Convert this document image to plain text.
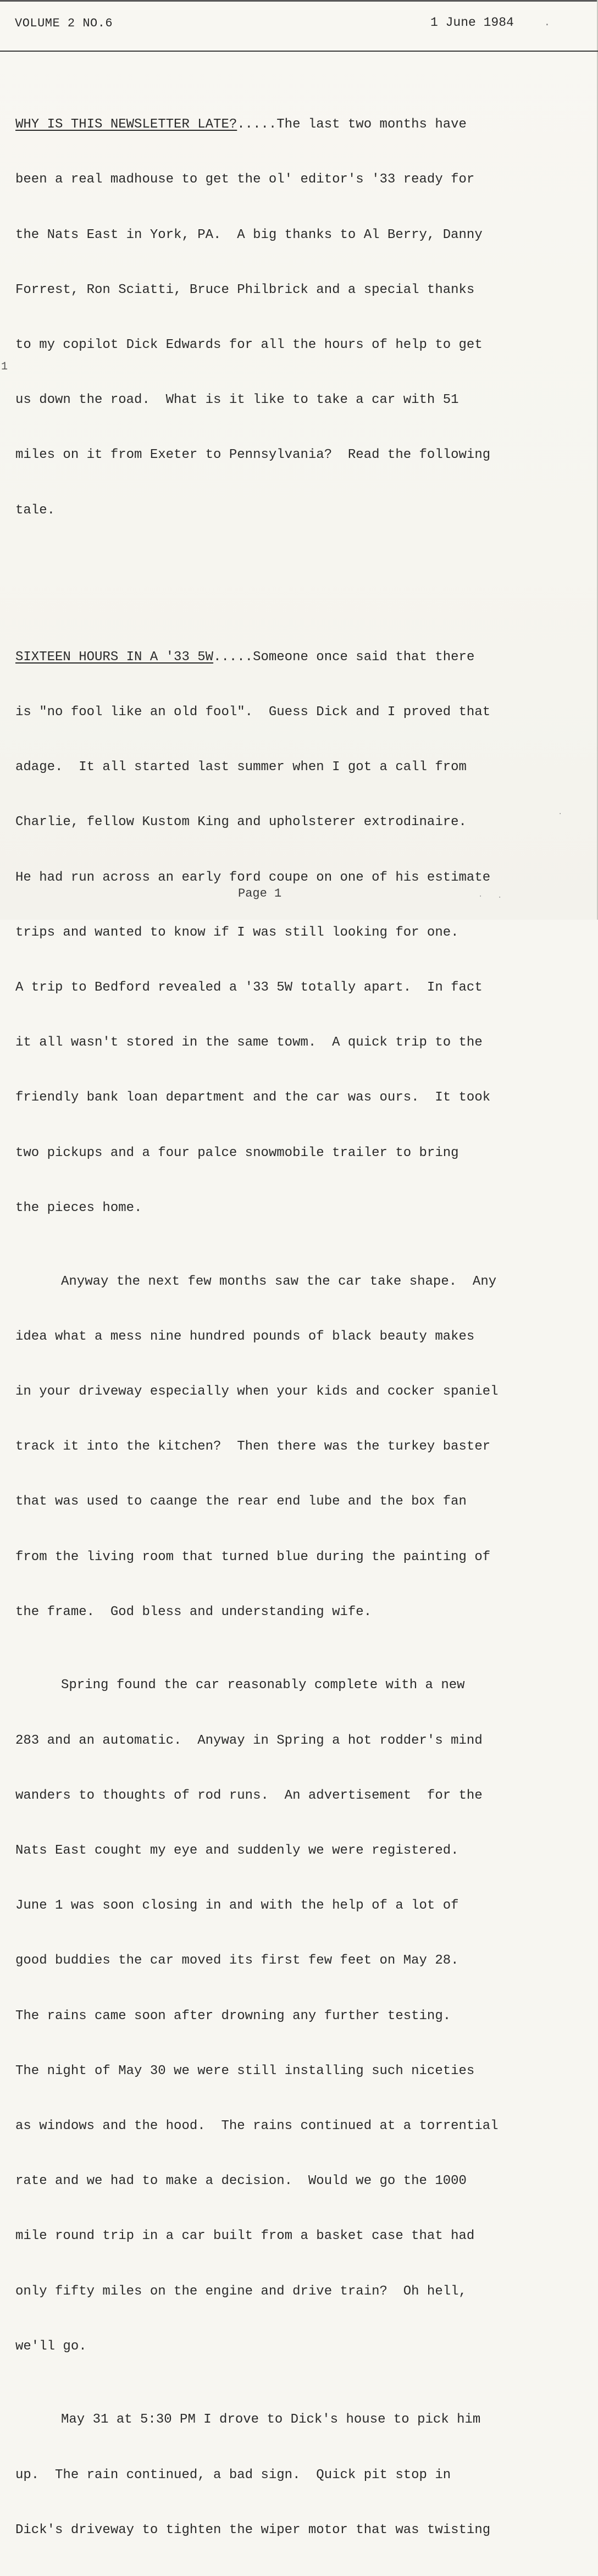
VOLUME 2 NO.6	1 June 1984	.
1

WHY IS THIS NEWSLETTER LATE?.....The last two months have

been a real madhouse to get the ol' editor's '33 ready for

the Nats East in York, PA.  A big thanks to Al Berry, Danny

Forrest, Ron Sciatti, Bruce Philbrick and a special thanks

to my copilot Dick Edwards for all the hours of help to get

us down the road.  What is it like to take a car with 51

miles on it from Exeter to Pennsylvania?  Read the following

tale.

SIXTEEN HOURS IN A '33 5W.....Someone once said that there

is "no fool like an old fool".  Guess Dick and I proved that

adage.  It all started last summer when I got a call from

Charlie, fellow Kustom King and upholsterer extrodinaire.

He had run across an early ford coupe on one of his estimate

trips and wanted to know if I was still looking for one.

A trip to Bedford revealed a '33 5W totally apart.  In fact

it all wasn't stored in the same towm.  A quick trip to the

friendly bank loan department and the car was ours.  It took

two pickups and a four palce snowmobile trailer to bring

the pieces home.

Anyway the next few months saw the car take shape.  Any

idea what a mess nine hundred pounds of black beauty makes

in your driveway especially when your kids and cocker spaniel

track it into the kitchen?  Then there was the turkey baster

that was used to caange the rear end lube and the box fan

from the living room that turned blue during the painting of

the frame.  God bless and understanding wife.

Spring found the car reasonably complete with a new

283 and an automatic.  Anyway in Spring a hot rodder's mind

wanders to thoughts of rod runs.  An advertisement  for the

Nats East cought my eye and suddenly we were registered.

June 1 was soon closing in and with the help of a lot of

good buddies the car moved its first few feet on May 28.

The rains came soon after drowning any further testing.

The night of May 30 we were still installing such niceties

as windows and the hood.  The rains continued at a torrential

rate and we had to make a decision.  Would we go the 1000

mile round trip in a car built from a basket case that had

only fifty miles on the engine and drive train?  Oh hell,

we'll go.

May 31 at 5:30 PM I drove to Dick's house to pick him

up.  The rain continued, a bad sign.  Quick pit stop in

Dick's driveway to tighten the wiper motor that was twisting

Page 1	· ·
·
